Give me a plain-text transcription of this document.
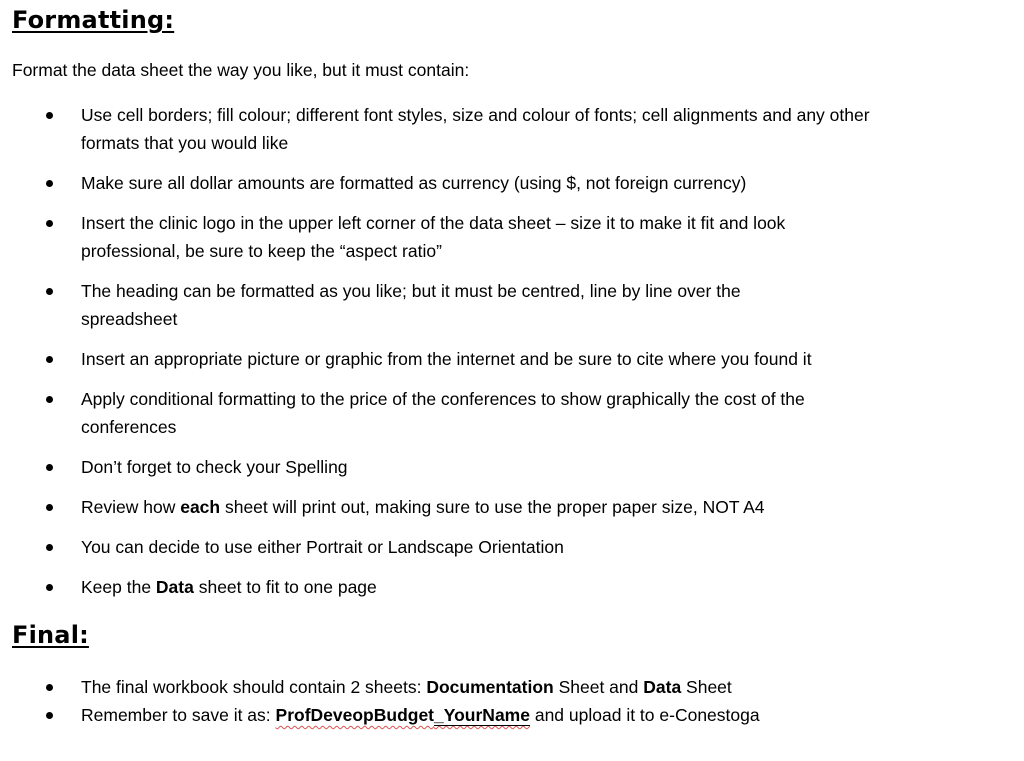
Formatting:

Format the data sheet the way you like, but it must contain:

Use cell borders; fill colour; different font styles, size and colour of fonts; cell alignments and any other formats that you would like
Make sure all dollar amounts are formatted as currency (using $, not foreign currency)
Insert the clinic logo in the upper left corner of the data sheet – size it to make it fit and look professional, be sure to keep the “aspect ratio”
The heading can be formatted as you like; but it must be centred, line by line over the spreadsheet
Insert an appropriate picture or graphic from the internet and be sure to cite where you found it
Apply conditional formatting to the price of the conferences to show graphically the cost of the conferences
Don’t forget to check your Spelling
Review how each sheet will print out, making sure to use the proper paper size, NOT A4
You can decide to use either Portrait or Landscape Orientation
Keep the Data sheet to fit to one page
Final:
The final workbook should contain 2 sheets: Documentation Sheet and Data Sheet
Remember to save it as: ProfDeveopBudget_YourName and upload it to e-Conestoga
